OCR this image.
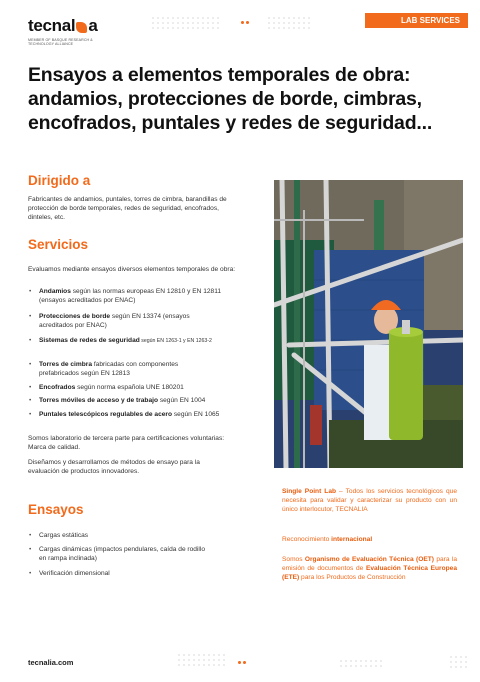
tecnal a
MEMBER OF BASQUE RESEARCH & TECHNOLOGY ALLIANCE
LAB SERVICES
Ensayos a elementos temporales de obra: andamios, protecciones de borde, cimbras, encofrados, puntales y redes de seguridad...
Dirigido a

Fabricantes de andamios, puntales, torres de cimbra, barandillas de protección de borde temporales, redes de seguridad, encofrados, dinteles, etc.

Servicios

Evaluamos mediante ensayos diversos elementos temporales de obra:

• Andamios según las normas europeas EN 12810 y EN 12811 (ensayos acreditados por ENAC)
• Protecciones de borde según EN 13374 (ensayos acreditados por ENAC)
• Sistemas de redes de seguridad según EN 1263-1 y EN 1263-2
• Torres de cimbra fabricadas con componentes prefabricados según EN 12813
• Encofrados según norma española UNE 180201
• Torres móviles de acceso y de trabajo según EN 1004
• Puntales telescópicos regulables de acero según EN 1065

Somos laboratorio de tercera parte para certificaciones voluntarias: Marca de calidad.

Diseñamos y desarrollamos de métodos de ensayo para la evaluación de productos innovadores.

Ensayos
• Cargas estáticas
• Cargas dinámicas (impactos pendulares, caída de rodillo en rampa inclinada)
• Verificación dimensional

Single Point Lab – Todos los servicios tecnológicos que necesita para validar y caracterizar su producto con un único interlocutor, TECNALIA

Reconocimiento internacional

Somos Organismo de Evaluación Técnica (OET) para la emisión de documentos de Evaluación Técnica Europea (ETE) para los Productos de Construcción

tecnalia.com
